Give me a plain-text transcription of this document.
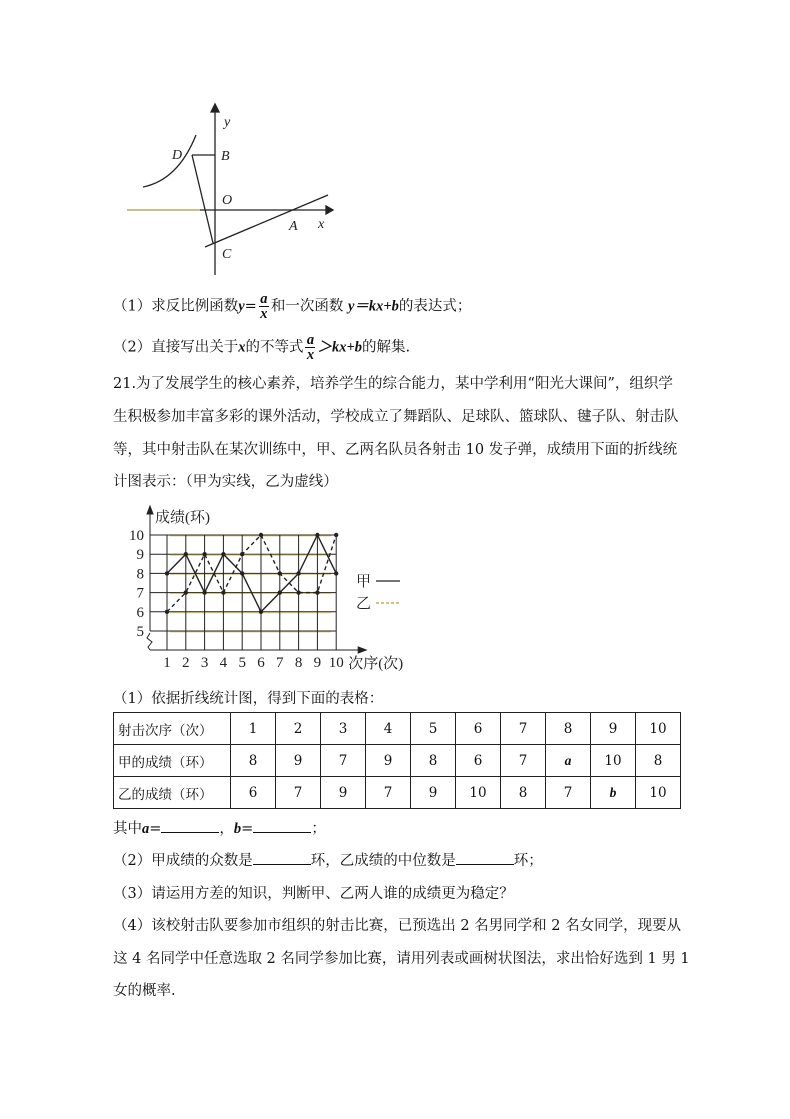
y
x
D	B
O
A
C
（1）求反比例函数$y= \frac{a}{x}$ 和一次函数 y＝kx+b的表达式；
（2）直接写出关于x的不等式 $\frac{a}{x} >kx+b$的解集.
21.为了发展学生的核心素养，培养学生的综合能力，某中学利用“阳光大课间”，组织学
生积极参加丰富多彩的课外活动，学校成立了舞蹈队、足球队、篮球队、毽子队、射击队
等，其中射击队在某次训练中，甲、乙两名队员各射击 10 发子弹，成绩用下面的折线统
计图表示：（甲为实线，乙为虚线）
5
6
7
8
9
10
1 2 3 4 5 6 7 8 9 10
成绩(环)
次序(次)
甲
乙
（1）依据折线统计图，得到下面的表格：
射击次序（次）	1	2	3	4	5	6	7	8	9	10
甲的成绩（环）	8	9	7	9	8	6	7	a	10	8
乙的成绩（环）	6	7	9	7	9	10	8	7	b	10
其中a=	，b=	；
（2）甲成绩的众数是	环，乙成绩的中位数是	环；
（3）请运用方差的知识，判断甲、乙两人谁的成绩更为稳定？
（4）该校射击队要参加市组织的射击比赛，已预选出 2 名男同学和 2 名女同学，现要从
这 4 名同学中任意选取 2 名同学参加比赛，请用列表或画树状图法，求出恰好选到 1 男 1
女的概率.
